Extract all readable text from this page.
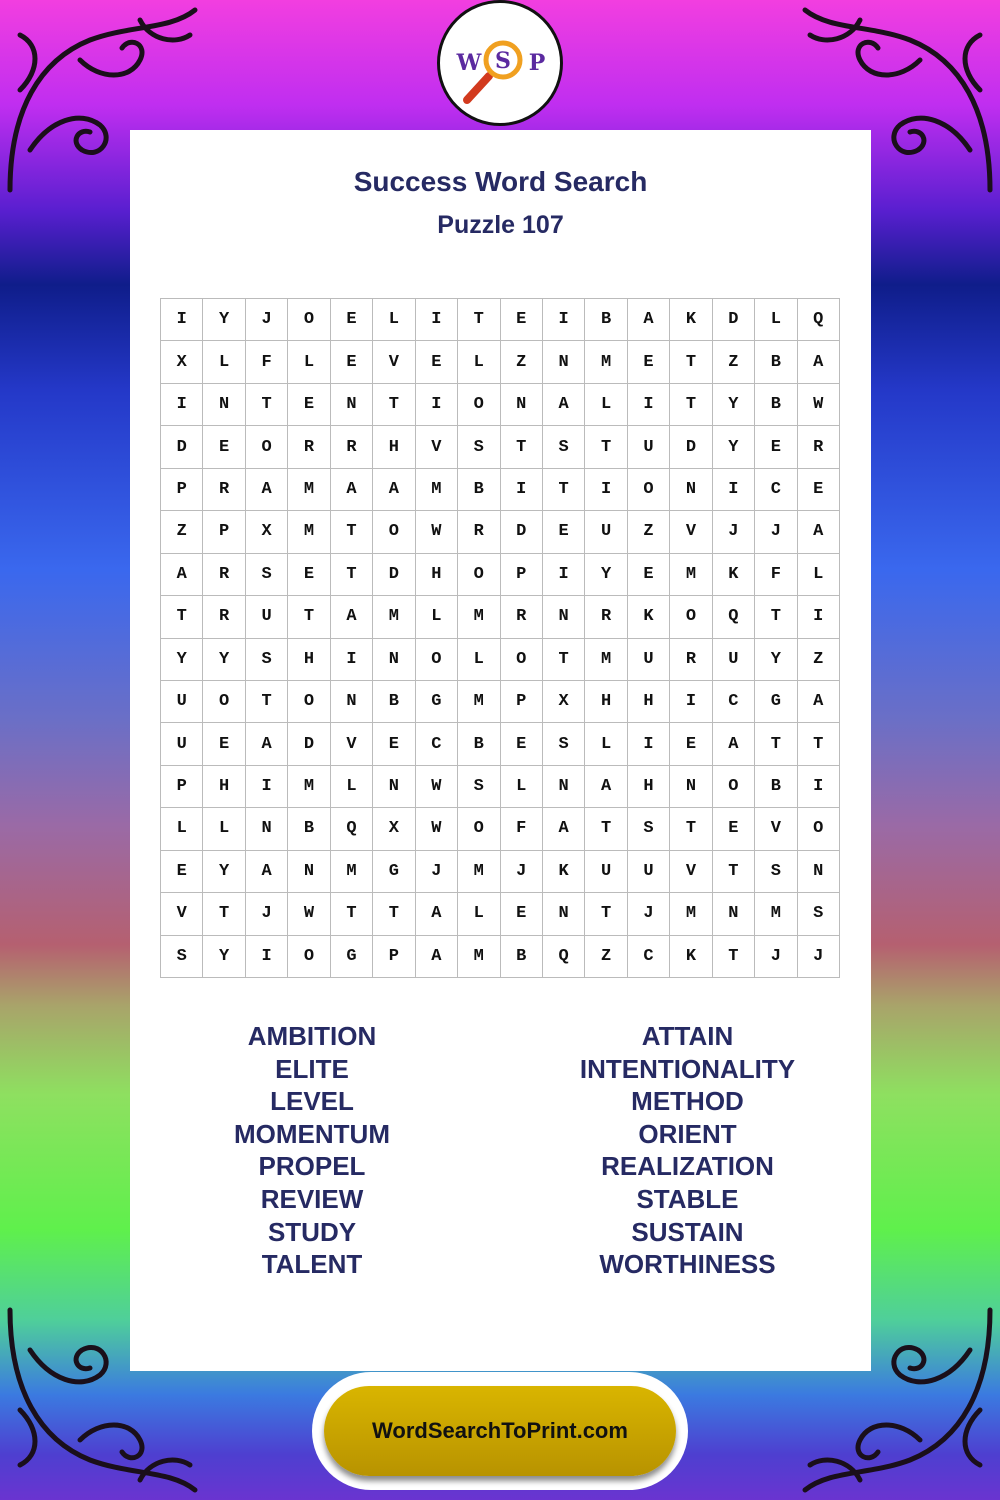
W S P
Success Word Search
Puzzle 107
I	Y	J	O	E	L	I	T	E	I	B	A	K	D	L	Q
X	L	F	L	E	V	E	L	Z	N	M	E	T	Z	B	A
I	N	T	E	N	T	I	O	N	A	L	I	T	Y	B	W
D	E	O	R	R	H	V	S	T	S	T	U	D	Y	E	R
P	R	A	M	A	A	M	B	I	T	I	O	N	I	C	E
Z	P	X	M	T	O	W	R	D	E	U	Z	V	J	J	A
A	R	S	E	T	D	H	O	P	I	Y	E	M	K	F	L
T	R	U	T	A	M	L	M	R	N	R	K	O	Q	T	I
Y	Y	S	H	I	N	O	L	O	T	M	U	R	U	Y	Z
U	O	T	O	N	B	G	M	P	X	H	H	I	C	G	A
U	E	A	D	V	E	C	B	E	S	L	I	E	A	T	T
P	H	I	M	L	N	W	S	L	N	A	H	N	O	B	I
L	L	N	B	Q	X	W	O	F	A	T	S	T	E	V	O
E	Y	A	N	M	G	J	M	J	K	U	U	V	T	S	N
V	T	J	W	T	T	A	L	E	N	T	J	M	N	M	S
S	Y	I	O	G	P	A	M	B	Q	Z	C	K	T	J	J
AMBITION
ELITE
LEVEL
MOMENTUM
PROPEL
REVIEW
STUDY
TALENT
ATTAIN
INTENTIONALITY
METHOD
ORIENT
REALIZATION
STABLE
SUSTAIN
WORTHINESS
WordSearchToPrint.com
